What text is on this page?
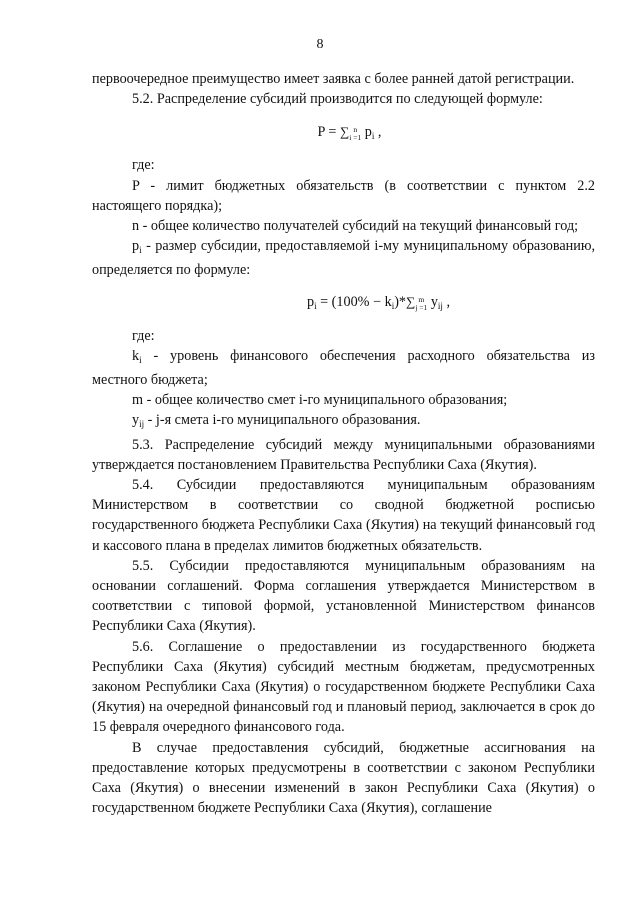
8

первоочередное преимущество имеет заявка с более ранней датой регистрации.

5.2. Распределение субсидий производится по следующей формуле:

P = ∑ n
i =1 $p_i$ ,

где:

P - лимит бюджетных обязательств (в соответствии с пунктом 2.2 настоящего порядка);

n - общее количество получателей субсидий на текущий финансовый год;

$p_i$ - размер субсидии, предоставляемой i-му муниципальному образованию, определяется по формуле:

$p_i = (100\% - k_i)*\sum$ m
j =1 $y_{ij}$ ,

где:

$k_i$ - уровень финансового обеспечения расходного обязательства из местного бюджета;

m - общее количество смет i-го муниципального образования;

$y_{ij} - j-я$ смета i-го муниципального образования.

5.3. Распределение субсидий между муниципальными образованиями утверждается постановлением Правительства Республики Саха (Якутия).

5.4. Субсидии предоставляются муниципальным образованиям Министерством в соответствии со сводной бюджетной росписью государственного бюджета Республики Саха (Якутия) на текущий финансовый год и кассового плана в пределах лимитов бюджетных обязательств.

5.5. Субсидии предоставляются муниципальным образованиям на основании соглашений. Форма соглашения утверждается Министерством в соответствии с типовой формой, установленной Министерством финансов Республики Саха (Якутия).

5.6. Соглашение о предоставлении из государственного бюджета Республики Саха (Якутия) субсидий местным бюджетам, предусмотренных законом Республики Саха (Якутия) о государственном бюджете Республики Саха (Якутия) на очередной финансовый год и плановый период, заключается в срок до 15 февраля очередного финансового года.

В случае предоставления субсидий, бюджетные ассигнования на предоставление которых предусмотрены в соответствии с законом Республики Саха (Якутия) о внесении изменений в закон Республики Саха (Якутия) о государственном бюджете Республики Саха (Якутия), соглашение
